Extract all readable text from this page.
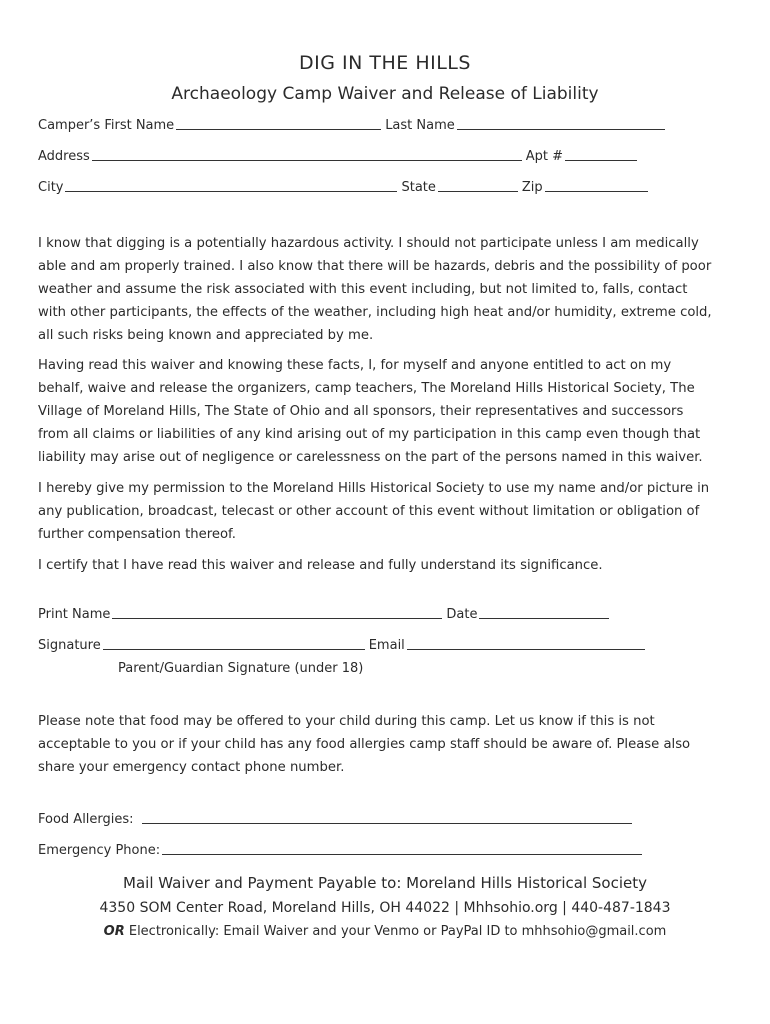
DIG IN THE HILLS
Archaeology Camp Waiver and Release of Liability
Camper’s First Name	Last Name
Address	Apt #
City	State	Zip
I know that digging is a potentially hazardous activity. I should not participate unless I am medically able and am properly trained. I also know that there will be hazards, debris and the possibility of poor weather and assume the risk associated with this event including, but not limited to, falls, contact with other participants, the effects of the weather, including high heat and/or humidity, extreme cold, all such risks being known and appreciated by me.
Having read this waiver and knowing these facts, I, for myself and anyone entitled to act on my behalf, waive and release the organizers, camp teachers, The Moreland Hills Historical Society, The Village of Moreland Hills, The State of Ohio and all sponsors, their representatives and successors from all claims or liabilities of any kind arising out of my participation in this camp even though that liability may arise out of negligence or carelessness on the part of the persons named in this waiver.
I hereby give my permission to the Moreland Hills Historical Society to use my name and/or picture in any publication, broadcast, telecast or other account of this event without limitation or obligation of further compensation thereof.
I certify that I have read this waiver and release and fully understand its significance.
Print Name	Date
Signature	Email
Parent/Guardian Signature (under 18)
Please note that food may be offered to your child during this camp. Let us know if this is not acceptable to you or if your child has any food allergies camp staff should be aware of. Please also share your emergency contact phone number.
Food Allergies:
Emergency Phone:
Mail Waiver and Payment Payable to: Moreland Hills Historical Society
4350 SOM Center Road, Moreland Hills, OH 44022 | Mhhsohio.org | 440-487-1843
OR Electronically: Email Waiver and your Venmo or PayPal ID to mhhsohio@gmail.com
